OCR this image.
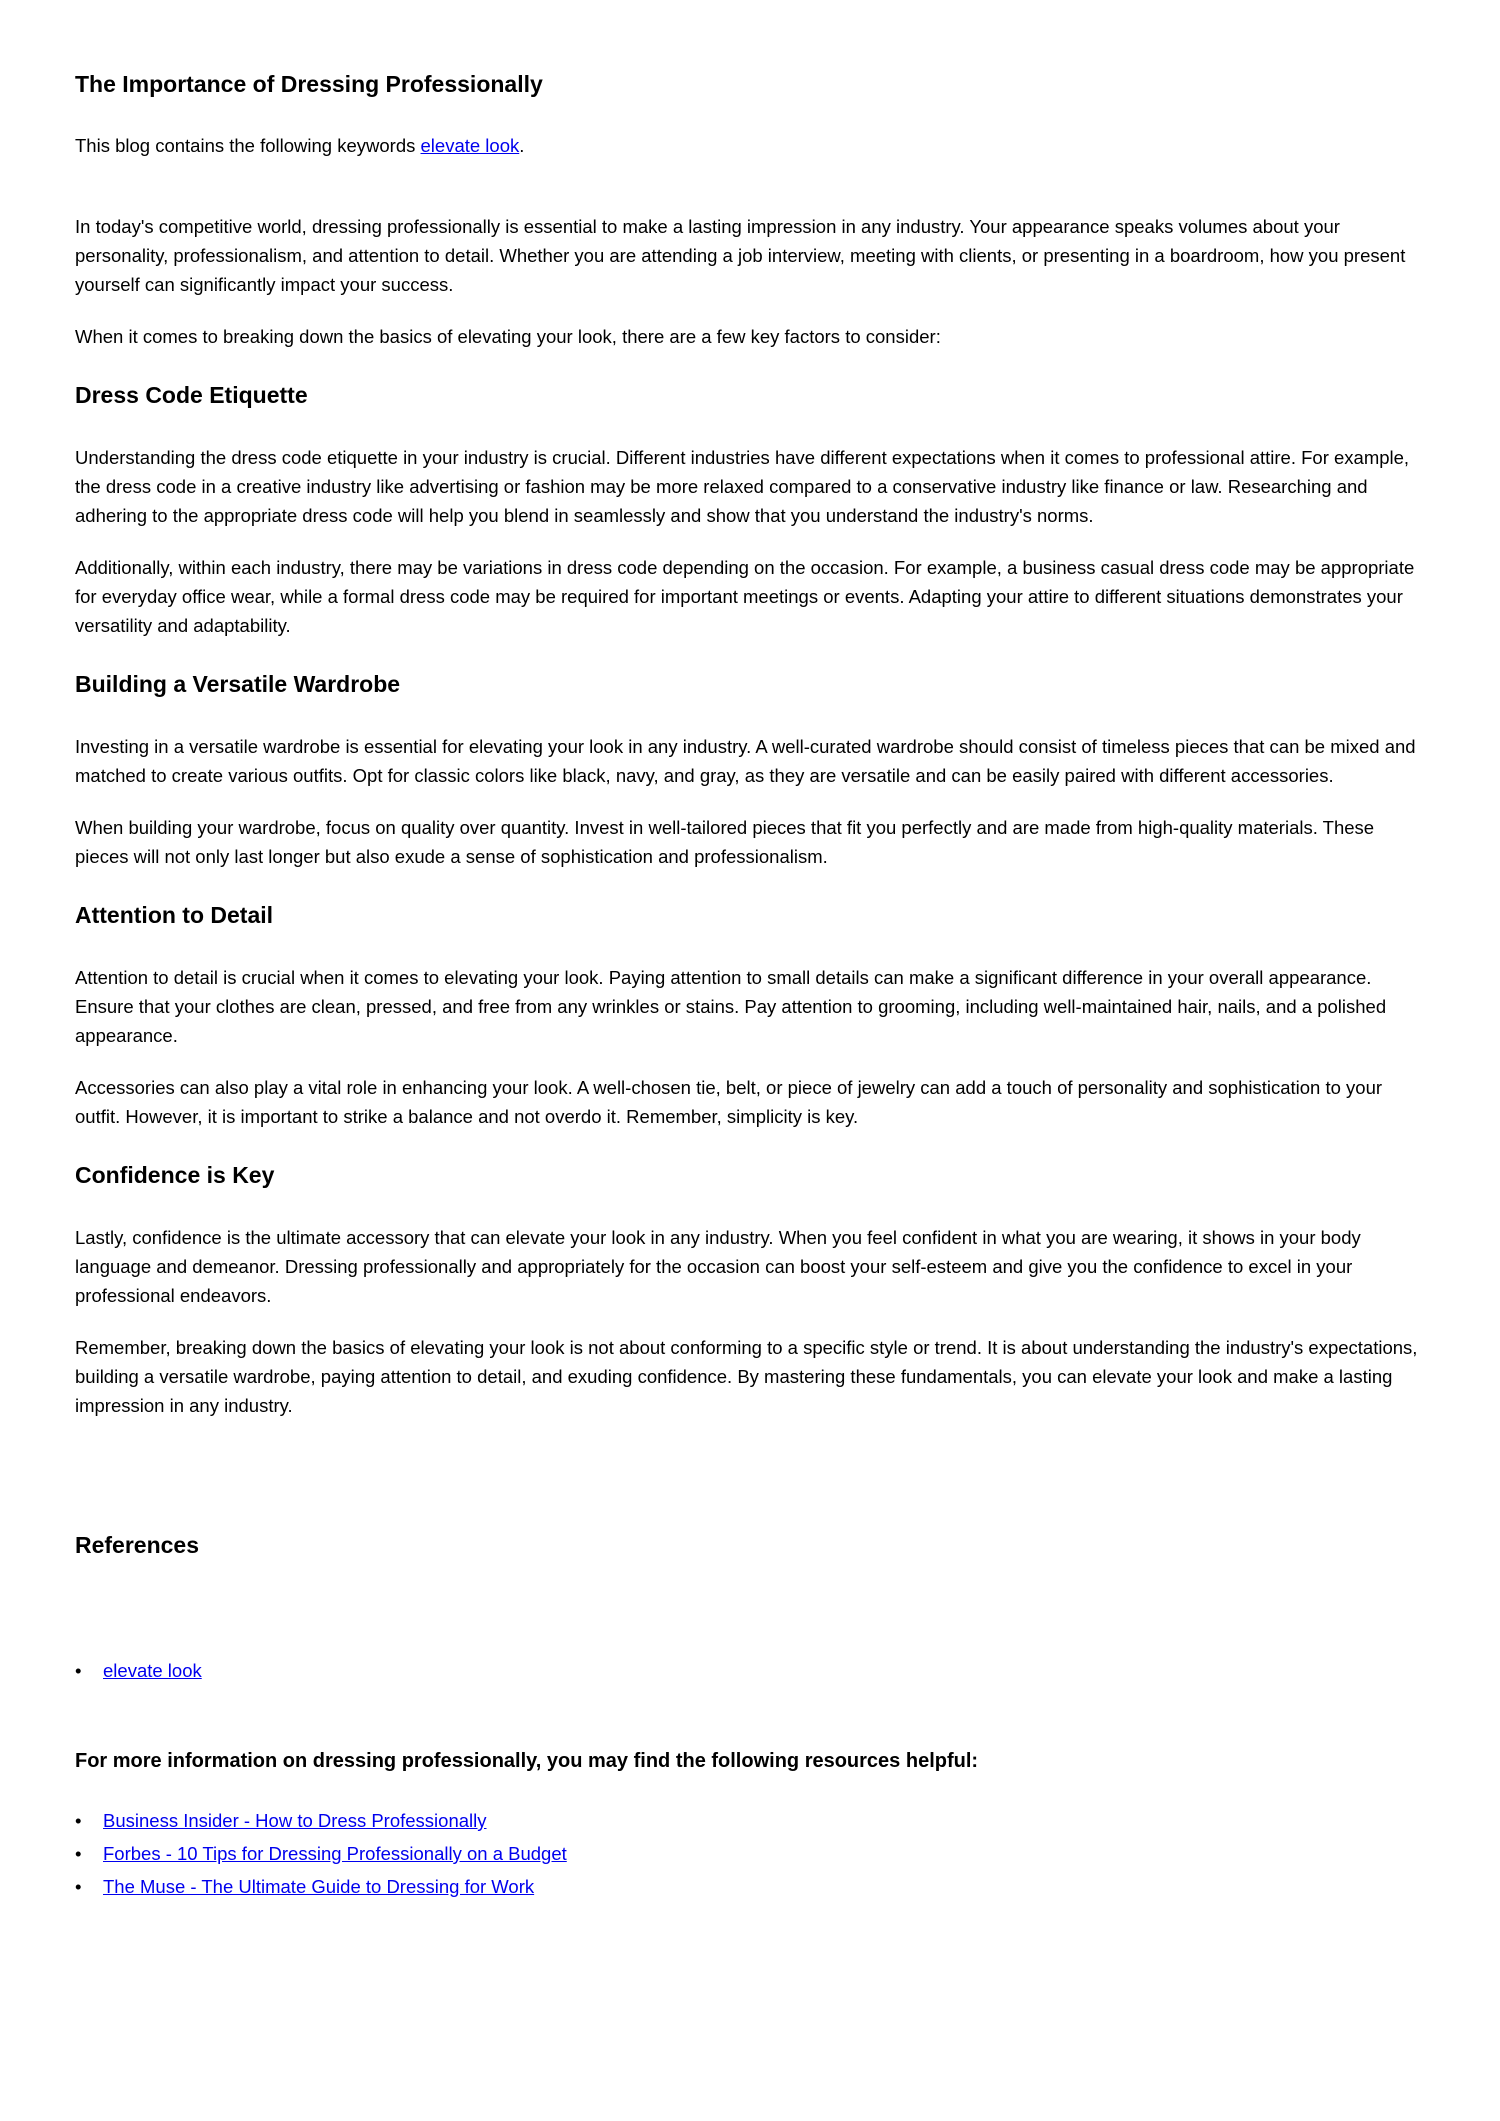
The Importance of Dressing Professionally

This blog contains the following keywords elevate look.

In today's competitive world, dressing professionally is essential to make a lasting impression in any industry. Your appearance speaks volumes about your personality, professionalism, and attention to detail. Whether you are attending a job interview, meeting with clients, or presenting in a boardroom, how you present yourself can significantly impact your success.

When it comes to breaking down the basics of elevating your look, there are a few key factors to consider:

Dress Code Etiquette

Understanding the dress code etiquette in your industry is crucial. Different industries have different expectations when it comes to professional attire. For example, the dress code in a creative industry like advertising or fashion may be more relaxed compared to a conservative industry like finance or law. Researching and adhering to the appropriate dress code will help you blend in seamlessly and show that you understand the industry's norms.

Additionally, within each industry, there may be variations in dress code depending on the occasion. For example, a business casual dress code may be appropriate for everyday office wear, while a formal dress code may be required for important meetings or events. Adapting your attire to different situations demonstrates your versatility and adaptability.

Building a Versatile Wardrobe

Investing in a versatile wardrobe is essential for elevating your look in any industry. A well-curated wardrobe should consist of timeless pieces that can be mixed and matched to create various outfits. Opt for classic colors like black, navy, and gray, as they are versatile and can be easily paired with different accessories.

When building your wardrobe, focus on quality over quantity. Invest in well-tailored pieces that fit you perfectly and are made from high-quality materials. These pieces will not only last longer but also exude a sense of sophistication and professionalism.

Attention to Detail

Attention to detail is crucial when it comes to elevating your look. Paying attention to small details can make a significant difference in your overall appearance. Ensure that your clothes are clean, pressed, and free from any wrinkles or stains. Pay attention to grooming, including well-maintained hair, nails, and a polished appearance.

Accessories can also play a vital role in enhancing your look. A well-chosen tie, belt, or piece of jewelry can add a touch of personality and sophistication to your outfit. However, it is important to strike a balance and not overdo it. Remember, simplicity is key.

Confidence is Key

Lastly, confidence is the ultimate accessory that can elevate your look in any industry. When you feel confident in what you are wearing, it shows in your body language and demeanor. Dressing professionally and appropriately for the occasion can boost your self-esteem and give you the confidence to excel in your professional endeavors.

Remember, breaking down the basics of elevating your look is not about conforming to a specific style or trend. It is about understanding the industry's expectations, building a versatile wardrobe, paying attention to detail, and exuding confidence. By mastering these fundamentals, you can elevate your look and make a lasting impression in any industry.

References
• elevate look
For more information on dressing professionally, you may find the following resources helpful:
• Business Insider - How to Dress Professionally
• Forbes - 10 Tips for Dressing Professionally on a Budget
• The Muse - The Ultimate Guide to Dressing for Work
